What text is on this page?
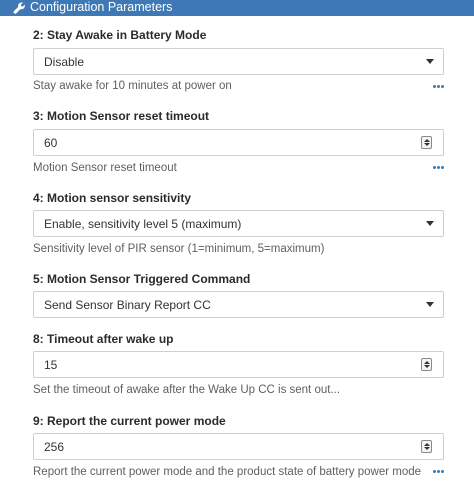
Configuration Parameters
2: Stay Awake in Battery Mode
Disable
Stay awake for 10 minutes at power on
3: Motion Sensor reset timeout
60
Motion Sensor reset timeout
4: Motion sensor sensitivity
Enable, sensitivity level 5 (maximum)
Sensitivity level of PIR sensor (1=minimum, 5=maximum)
5: Motion Sensor Triggered Command
Send Sensor Binary Report CC
8: Timeout after wake up
15
Set the timeout of awake after the Wake Up CC is sent out...
9: Report the current power mode
256
Report the current power mode and the product state of battery power mode
